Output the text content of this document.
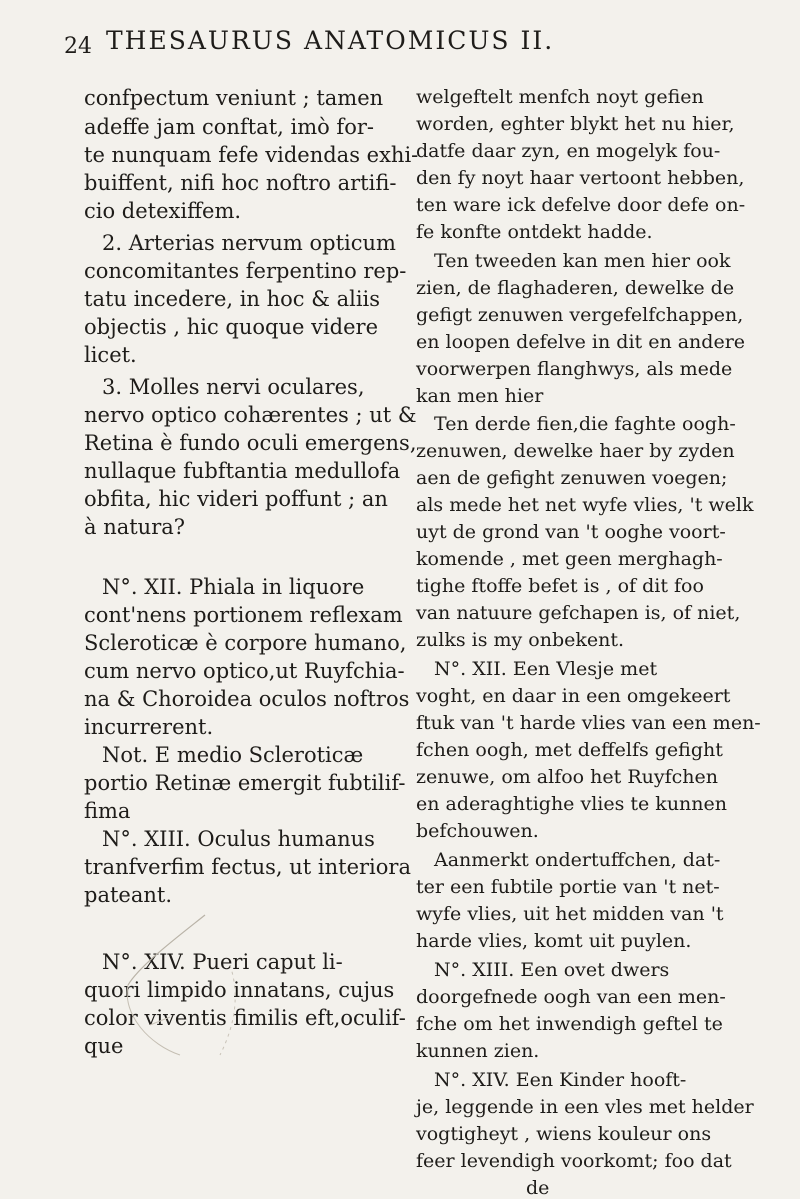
24 THESAURUS ANATOMICUS II.
confpectum veniunt ; tamen
adeffe jam conftat, imò for-
te nunquam fefe videndas exhi-
buiffent, nifi hoc noftro artifi-
cio detexiffem.
2. Arterias nervum opticum
concomitantes ferpentino rep-
tatu incedere, in hoc & aliis
objectis , hic quoque videre
licet.
3. Molles nervi oculares,
nervo optico cohærentes ; ut &
Retina è fundo oculi emergens,
nullaque fubftantia medullofa
obfita, hic videri poffunt ; an
à natura?
N°. XII. Phiala in liquore
cont'nens portionem reflexam
Scleroticæ è corpore humano,
cum nervo optico,ut Ruyfchia-
na & Choroidea oculos noftros
incurrerent.
Not. E medio Scleroticæ
portio Retinæ emergit fubtilif-
fima
N°. XIII. Oculus humanus
tranfverfim fectus, ut interiora
pateant.
N°. XIV. Pueri caput li-
quori limpido innatans, cujus
color viventis fimilis eft,oculif-
que
welgeftelt menfch noyt gefien
worden, eghter blykt het nu hier,
datfe daar zyn, en mogelyk fou-
den fy noyt haar vertoont hebben,
ten ware ick defelve door defe on-
fe konfte ontdekt hadde.
Ten tweeden kan men hier ook
zien, de flaghaderen, dewelke de
gefigt zenuwen vergefelfchappen,
en loopen defelve in dit en andere
voorwerpen flanghwys, als mede
kan men hier
Ten derde fien,die faghte oogh-
zenuwen, dewelke haer by zyden
aen de gefight zenuwen voegen;
als mede het net wyfe vlies, 't welk
uyt de grond van 't ooghe voort-
komende , met geen merghagh-
tighe ftoffe befet is , of dit foo
van natuure gefchapen is, of niet,
zulks is my onbekent.
N°. XII. Een Vlesje met
voght, en daar in een omgekeert
ftuk van 't harde vlies van een men-
fchen oogh, met deffelfs gefight
zenuwe, om alfoo het Ruyfchen
en aderaghtighe vlies te kunnen
befchouwen.
Aanmerkt ondertuffchen, dat-
ter een fubtile portie van 't net-
wyfe vlies, uit het midden van 't
harde vlies, komt uit puylen.
N°. XIII. Een ovet dwers
doorgefnede oogh van een men-
fche om het inwendigh geftel te
kunnen zien.
N°. XIV. Een Kinder hooft-
je, leggende in een vles met helder
vogtigheyt , wiens kouleur ons
feer levendigh voorkomt; foo dat
de
